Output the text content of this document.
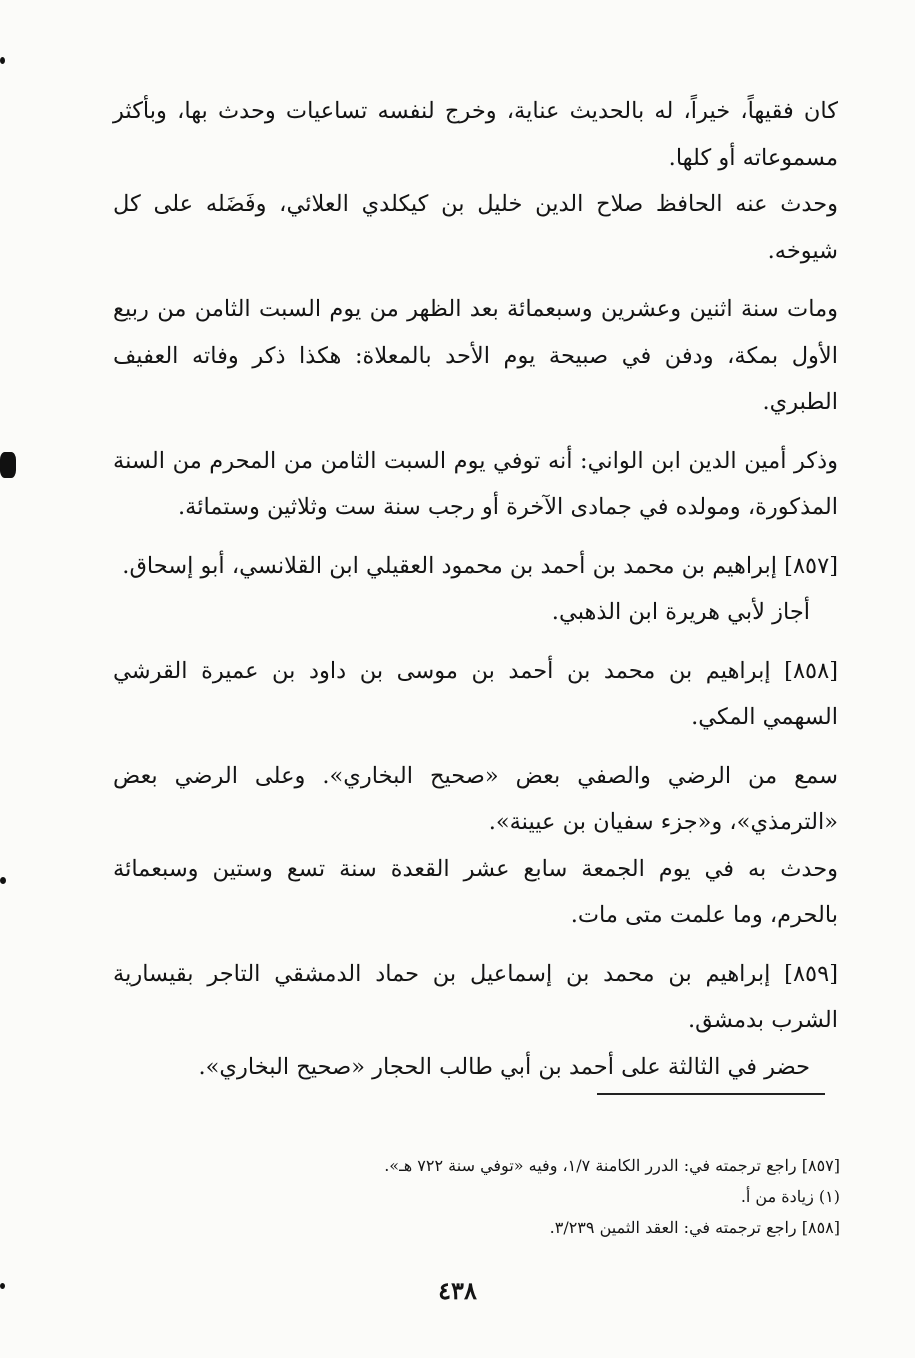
كان فقيهاً، خيراً، له بالحديث عناية، وخرج لنفسه تساعيات وحدث بها، وبأكثر مسموعاته أو كلها.

وحدث عنه الحافظ صلاح الدين خليل بن كيكلدي العلائي، وفَضَله على كل شيوخه.

ومات سنة اثنين وعشرين وسبعمائة بعد الظهر من يوم السبت الثامن من ربيع الأول بمكة، ودفن في صبيحة يوم الأحد بالمعلاة: هكذا ذكر وفاته العفيف الطبري.

وذكر أمين الدين ابن الواني: أنه توفي يوم السبت الثامن من المحرم من السنة المذكورة، ومولده في جمادى الآخرة أو رجب سنة ست وثلاثين وستمائة.

[٨٥٧] إبراهيم بن محمد بن أحمد بن محمود العقيلي ابن القلانسي، أبو إسحاق.

أجاز لأبي هريرة ابن الذهبي.

[٨٥٨] إبراهيم بن محمد بن أحمد بن موسى بن داود بن عميرة القرشي السهمي المكي.

سمع من الرضي والصفي بعض «صحيح البخاري». وعلى الرضي بعض «الترمذي»، و«جزء سفيان بن عيينة».

وحدث به في يوم الجمعة سابع عشر القعدة سنة تسع وستين وسبعمائة بالحرم، وما علمت متى مات.

[٨٥٩] إبراهيم بن محمد بن إسماعيل بن حماد الدمشقي التاجر بقيسارية الشرب بدمشق.

حضر في الثالثة على أحمد بن أبي طالب الحجار «صحيح البخاري».

[٨٥٧] راجع ترجمته في: الدرر الكامنة ١/٧، وفيه «توفي سنة ٧٢٢ هـ».

(١) زيادة من أ.

[٨٥٨] راجع ترجمته في: العقد الثمين ٣/٢٣٩.

٤٣٨
